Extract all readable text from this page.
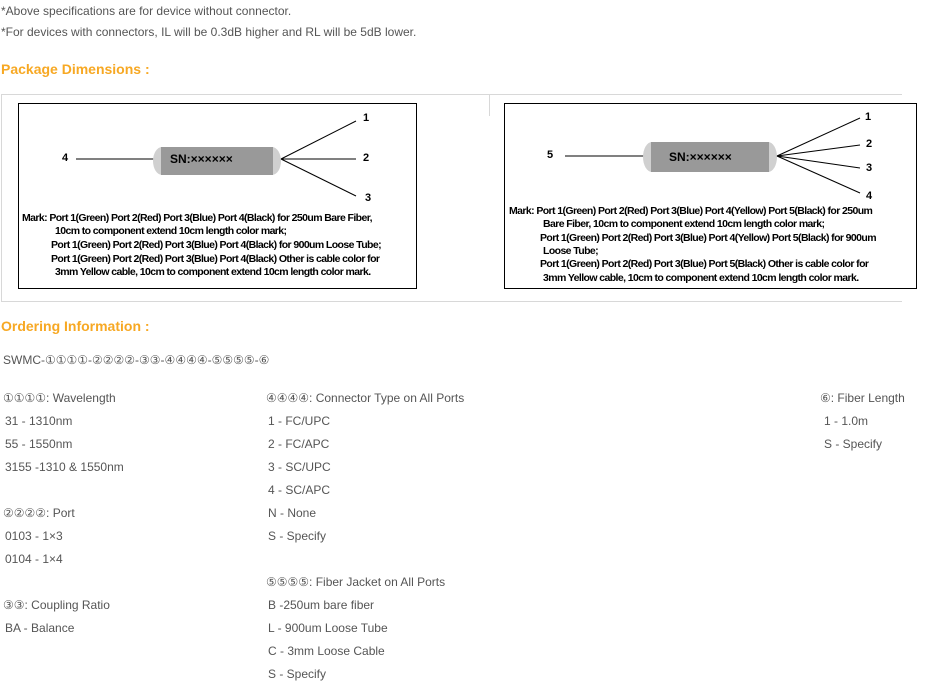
*Above specifications are for device without connector.
*For devices with connectors, IL will be 0.3dB higher and RL will be 5dB lower.
Package Dimensions :
SN:××××××
4
1
2
3
Mark: Port 1(Green) Port 2(Red) Port 3(Blue) Port 4(Black) for 250um Bare Fiber,
10cm to component extend 10cm length color mark;
Port 1(Green) Port 2(Red) Port 3(Blue) Port 4(Black) for 900um Loose Tube;
Port 1(Green) Port 2(Red) Port 3(Blue) Port 4(Black) Other is cable color for
3mm Yellow cable, 10cm to component extend 10cm length color mark.
SN:××××××
5
1
2
3
4
Mark: Port 1(Green) Port 2(Red) Port 3(Blue) Port 4(Yellow) Port 5(Black) for 250um
Bare Fiber, 10cm to component extend 10cm length color mark;
Port 1(Green) Port 2(Red) Port 3(Blue) Port 4(Yellow) Port 5(Black) for 900um
Loose Tube;
Port 1(Green) Port 2(Red) Port 3(Blue) Port 5(Black) Other is cable color for
3mm Yellow cable, 10cm to component extend 10cm length color mark.
Ordering Information :
SWMC-①①①①-②②②②-③③-④④④④-⑤⑤⑤⑤-⑥
①①①①: Wavelength
31 - 1310nm
55 - 1550nm
3155 -1310 & 1550nm
②②②②: Port
0103 - 1×3
0104 - 1×4
③③: Coupling Ratio
BA - Balance
④④④④: Connector Type on All Ports
1 - FC/UPC
2 - FC/APC
3 - SC/UPC
4 - SC/APC
N - None
S - Specify
⑤⑤⑤⑤: Fiber Jacket on All Ports
B -250um bare fiber
L - 900um Loose Tube
C - 3mm Loose Cable
S - Specify
⑥: Fiber Length
1 - 1.0m
S - Specify
